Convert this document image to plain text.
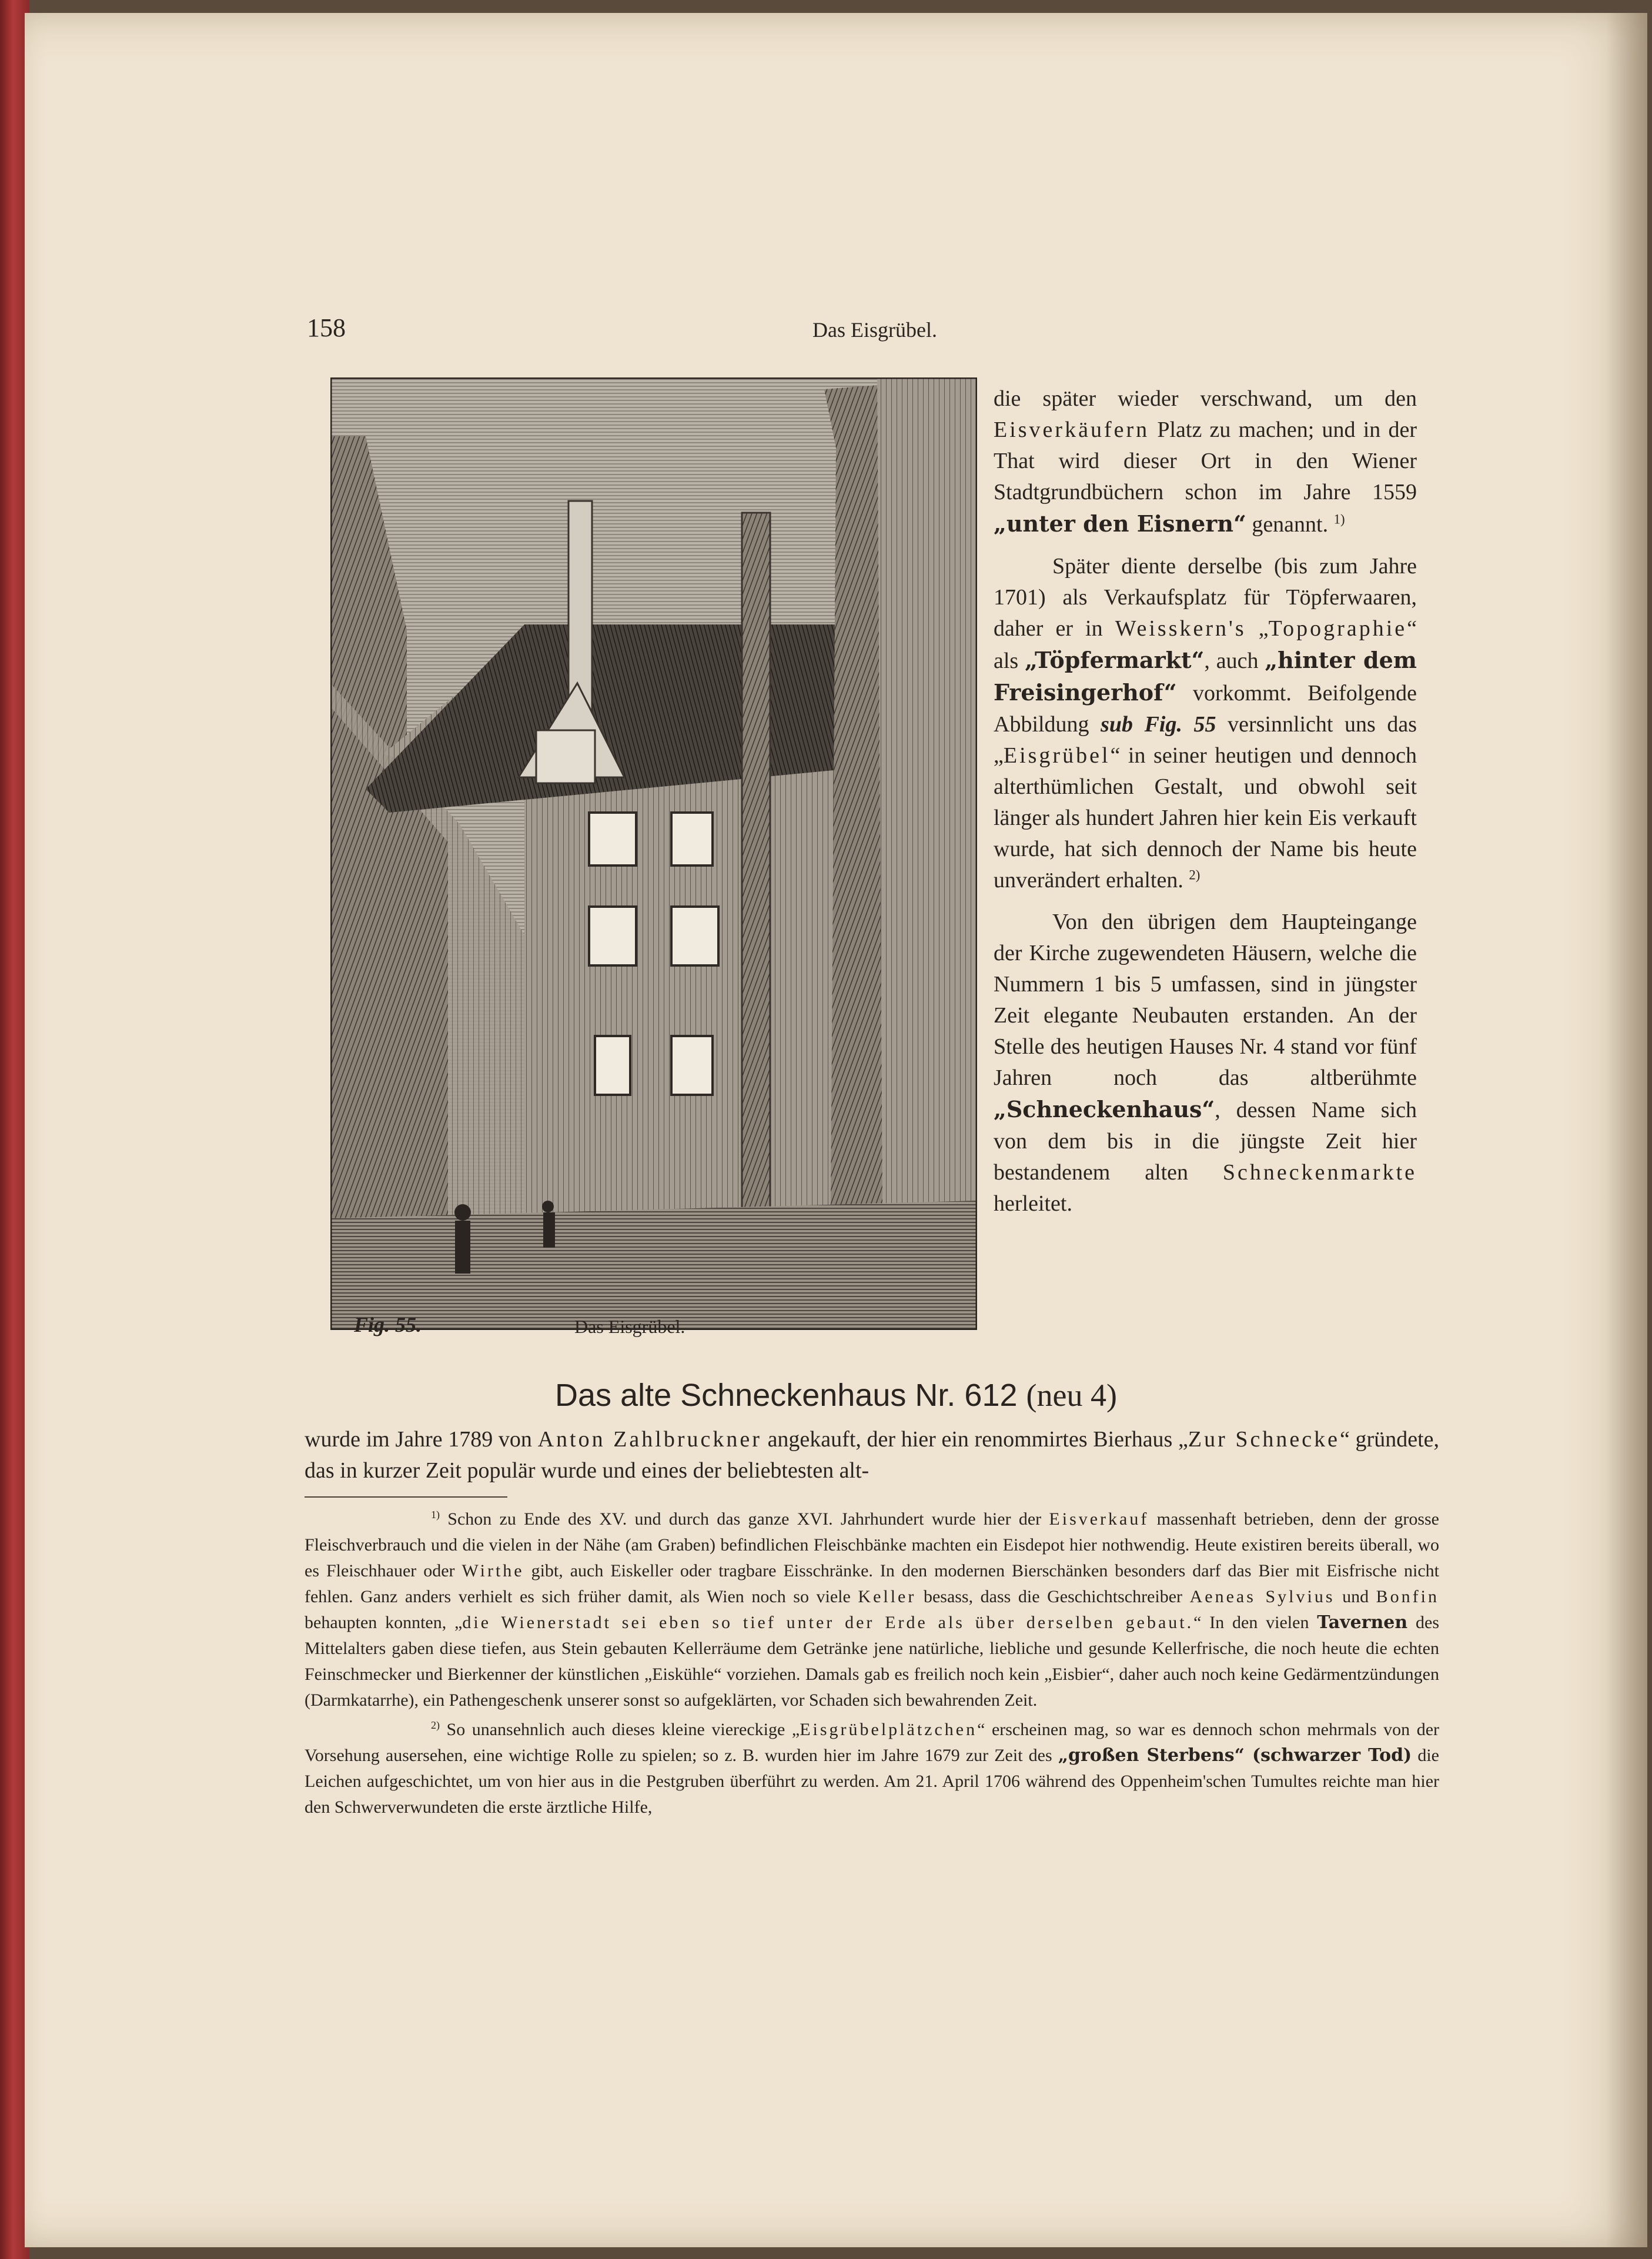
158	Das Eisgrübel.
Fig. 55.	Das Eisgrübel.

die später wieder verschwand, um den Eisverkäufern Platz zu machen; und in der That wird dieser Ort in den Wiener Stadtgrundbüchern schon im Jahre 1559 „unter den Eisnern“ genannt. $^{1)}$

Später diente derselbe (bis zum Jahre 1701) als Verkaufsplatz für Töpferwaaren, daher er in Weisskern's „Topographie“ als „Töpfermarkt“, auch „hinter dem Freisingerhof“ vorkommt. Beifolgende Abbildung sub Fig. 55 versinnlicht uns das „Eisgrübel“ in seiner heutigen und dennoch alterthümlichen Gestalt, und obwohl seit länger als hundert Jahren hier kein Eis verkauft wurde, hat sich dennoch der Name bis heute unverändert erhalten. $^{2)}$

Von den übrigen dem Haupteingange der Kirche zugewendeten Häusern, welche die Nummern 1 bis 5 umfassen, sind in jüngster Zeit elegante Neubauten erstanden. An der Stelle des heutigen Hauses Nr. 4 stand vor fünf Jahren noch das altberühmte „Schneckenhaus“, dessen Name sich von dem bis in die jüngste Zeit hier bestandenem alten Schneckenmarkte herleitet.

Das alte Schneckenhaus Nr. 612 (neu 4)

wurde im Jahre 1789 von Anton Zahlbruckner angekauft, der hier ein renommirtes Bierhaus „Zur Schnecke“ gründete, das in kurzer Zeit populär wurde und eines der beliebtesten alt-

$^{1)}$ Schon zu Ende des XV. und durch das ganze XVI. Jahrhundert wurde hier der Eisverkauf massenhaft betrieben, denn der grosse Fleischverbrauch und die vielen in der Nähe (am Graben) befindlichen Fleischbänke machten ein Eisdepot hier nothwendig. Heute existiren bereits überall, wo es Fleischhauer oder Wirthe gibt, auch Eiskeller oder tragbare Eisschränke. In den modernen Bierschänken besonders darf das Bier mit Eisfrische nicht fehlen. Ganz anders verhielt es sich früher damit, als Wien noch so viele Keller besass, dass die Geschichtschreiber Aeneas Sylvius und Bonfin behaupten konnten, „die Wienerstadt sei eben so tief unter der Erde als über derselben gebaut.“ In den vielen Tavernen des Mittelalters gaben diese tiefen, aus Stein gebauten Kellerräume dem Getränke jene natürliche, liebliche und gesunde Kellerfrische, die noch heute die echten Feinschmecker und Bierkenner der künstlichen „Eiskühle“ vorziehen. Damals gab es freilich noch kein „Eisbier“, daher auch noch keine Gedärmentzündungen (Darmkatarrhe), ein Pathengeschenk unserer sonst so aufgeklärten, vor Schaden sich bewahrenden Zeit.

$^{2)}$ So unansehnlich auch dieses kleine viereckige „Eisgrübelplätzchen“ erscheinen mag, so war es dennoch schon mehrmals von der Vorsehung ausersehen, eine wichtige Rolle zu spielen; so z. B. wurden hier im Jahre 1679 zur Zeit des „großen Sterbens“ (schwarzer Tod) die Leichen aufgeschichtet, um von hier aus in die Pestgruben überführt zu werden. Am 21. April 1706 während des Oppenheim'schen Tumultes reichte man hier den Schwerverwundeten die erste ärztliche Hilfe,
